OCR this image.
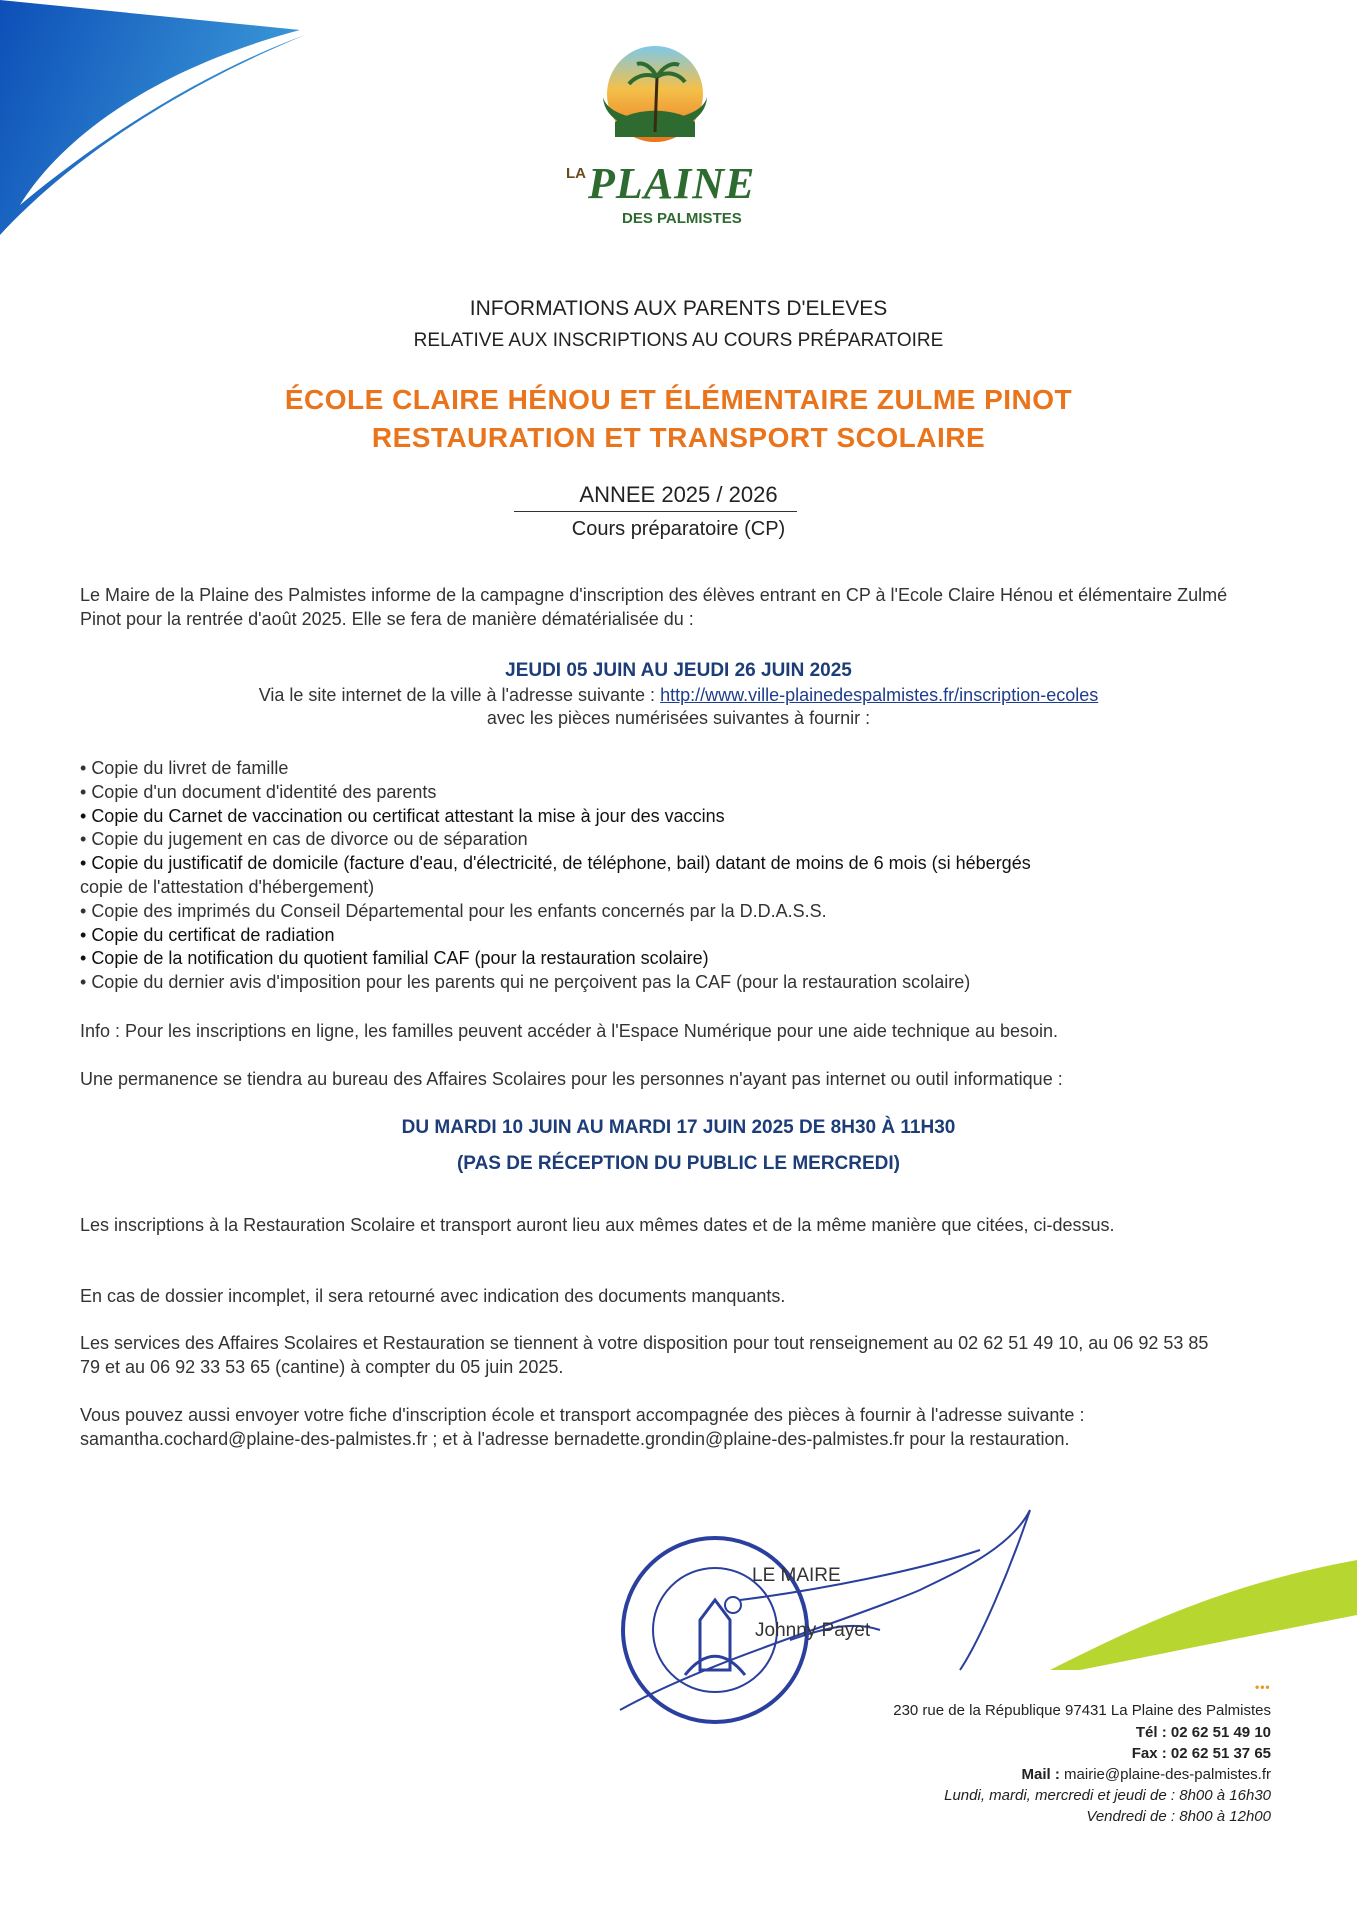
LA PLAINE
DES PALMISTES
INFORMATIONS AUX PARENTS D'ELEVES
RELATIVE AUX INSCRIPTIONS AU COURS PRÉPARATOIRE
ÉCOLE CLAIRE HÉNOU ET ÉLÉMENTAIRE ZULME PINOT
RESTAURATION ET TRANSPORT SCOLAIRE
ANNEE 2025 / 2026
Cours préparatoire (CP)
Le Maire de la Plaine des Palmistes informe de la campagne d'inscription des élèves entrant en CP à l'Ecole Claire Hénou et élémentaire Zulmé Pinot pour la rentrée d'août 2025. Elle se fera de manière dématérialisée du :
JEUDI 05 JUIN AU JEUDI 26 JUIN 2025
Via le site internet de la ville à l'adresse suivante : http://www.ville-plainedespalmistes.fr/inscription-ecoles
avec les pièces numérisées suivantes à fournir :
• Copie du livret de famille
• Copie d'un document d'identité des parents
• Copie du Carnet de vaccination ou certificat attestant la mise à jour des vaccins
• Copie du jugement en cas de divorce ou de séparation
• Copie du justificatif de domicile (facture d'eau, d'électricité, de téléphone, bail) datant de moins de 6 mois (si hébergés
copie de l'attestation d'hébergement)
• Copie des imprimés du Conseil Départemental pour les enfants concernés par la D.D.A.S.S.
• Copie du certificat de radiation
• Copie de la notification du quotient familial CAF (pour la restauration scolaire)
• Copie du dernier avis d'imposition pour les parents qui ne perçoivent pas la CAF (pour la restauration scolaire)
Info : Pour les inscriptions en ligne, les familles peuvent accéder à l'Espace Numérique pour une aide technique au besoin.
Une permanence se tiendra au bureau des Affaires Scolaires pour les personnes n'ayant pas internet ou outil informatique :
DU MARDI 10 JUIN AU MARDI 17 JUIN 2025 DE 8H30 À 11H30
(PAS DE RÉCEPTION DU PUBLIC LE MERCREDI)
Les inscriptions à la Restauration Scolaire et transport auront lieu aux mêmes dates et de la même manière que citées, ci-dessus.
En cas de dossier incomplet, il sera retourné avec indication des documents manquants.
Les services des Affaires Scolaires et Restauration se tiennent à votre disposition pour tout renseignement au 02 62 51 49 10, au 06 92 53 85 79 et au 06 92 33 53 65 (cantine) à compter du 05 juin 2025.
Vous pouvez aussi envoyer votre fiche d'inscription école et transport accompagnée des pièces à fournir à l'adresse suivante : samantha.cochard@plaine-des-palmistes.fr ; et à l'adresse bernadette.grondin@plaine-des-palmistes.fr pour la restauration.
LE MAIRE
Johnny Payet
•••
230 rue de la République 97431 La Plaine des Palmistes
Tél : 02 62 51 49 10
Fax : 02 62 51 37 65
Mail : mairie@plaine-des-palmistes.fr
Lundi, mardi, mercredi et jeudi de : 8h00 à 16h30
Vendredi de : 8h00 à 12h00
